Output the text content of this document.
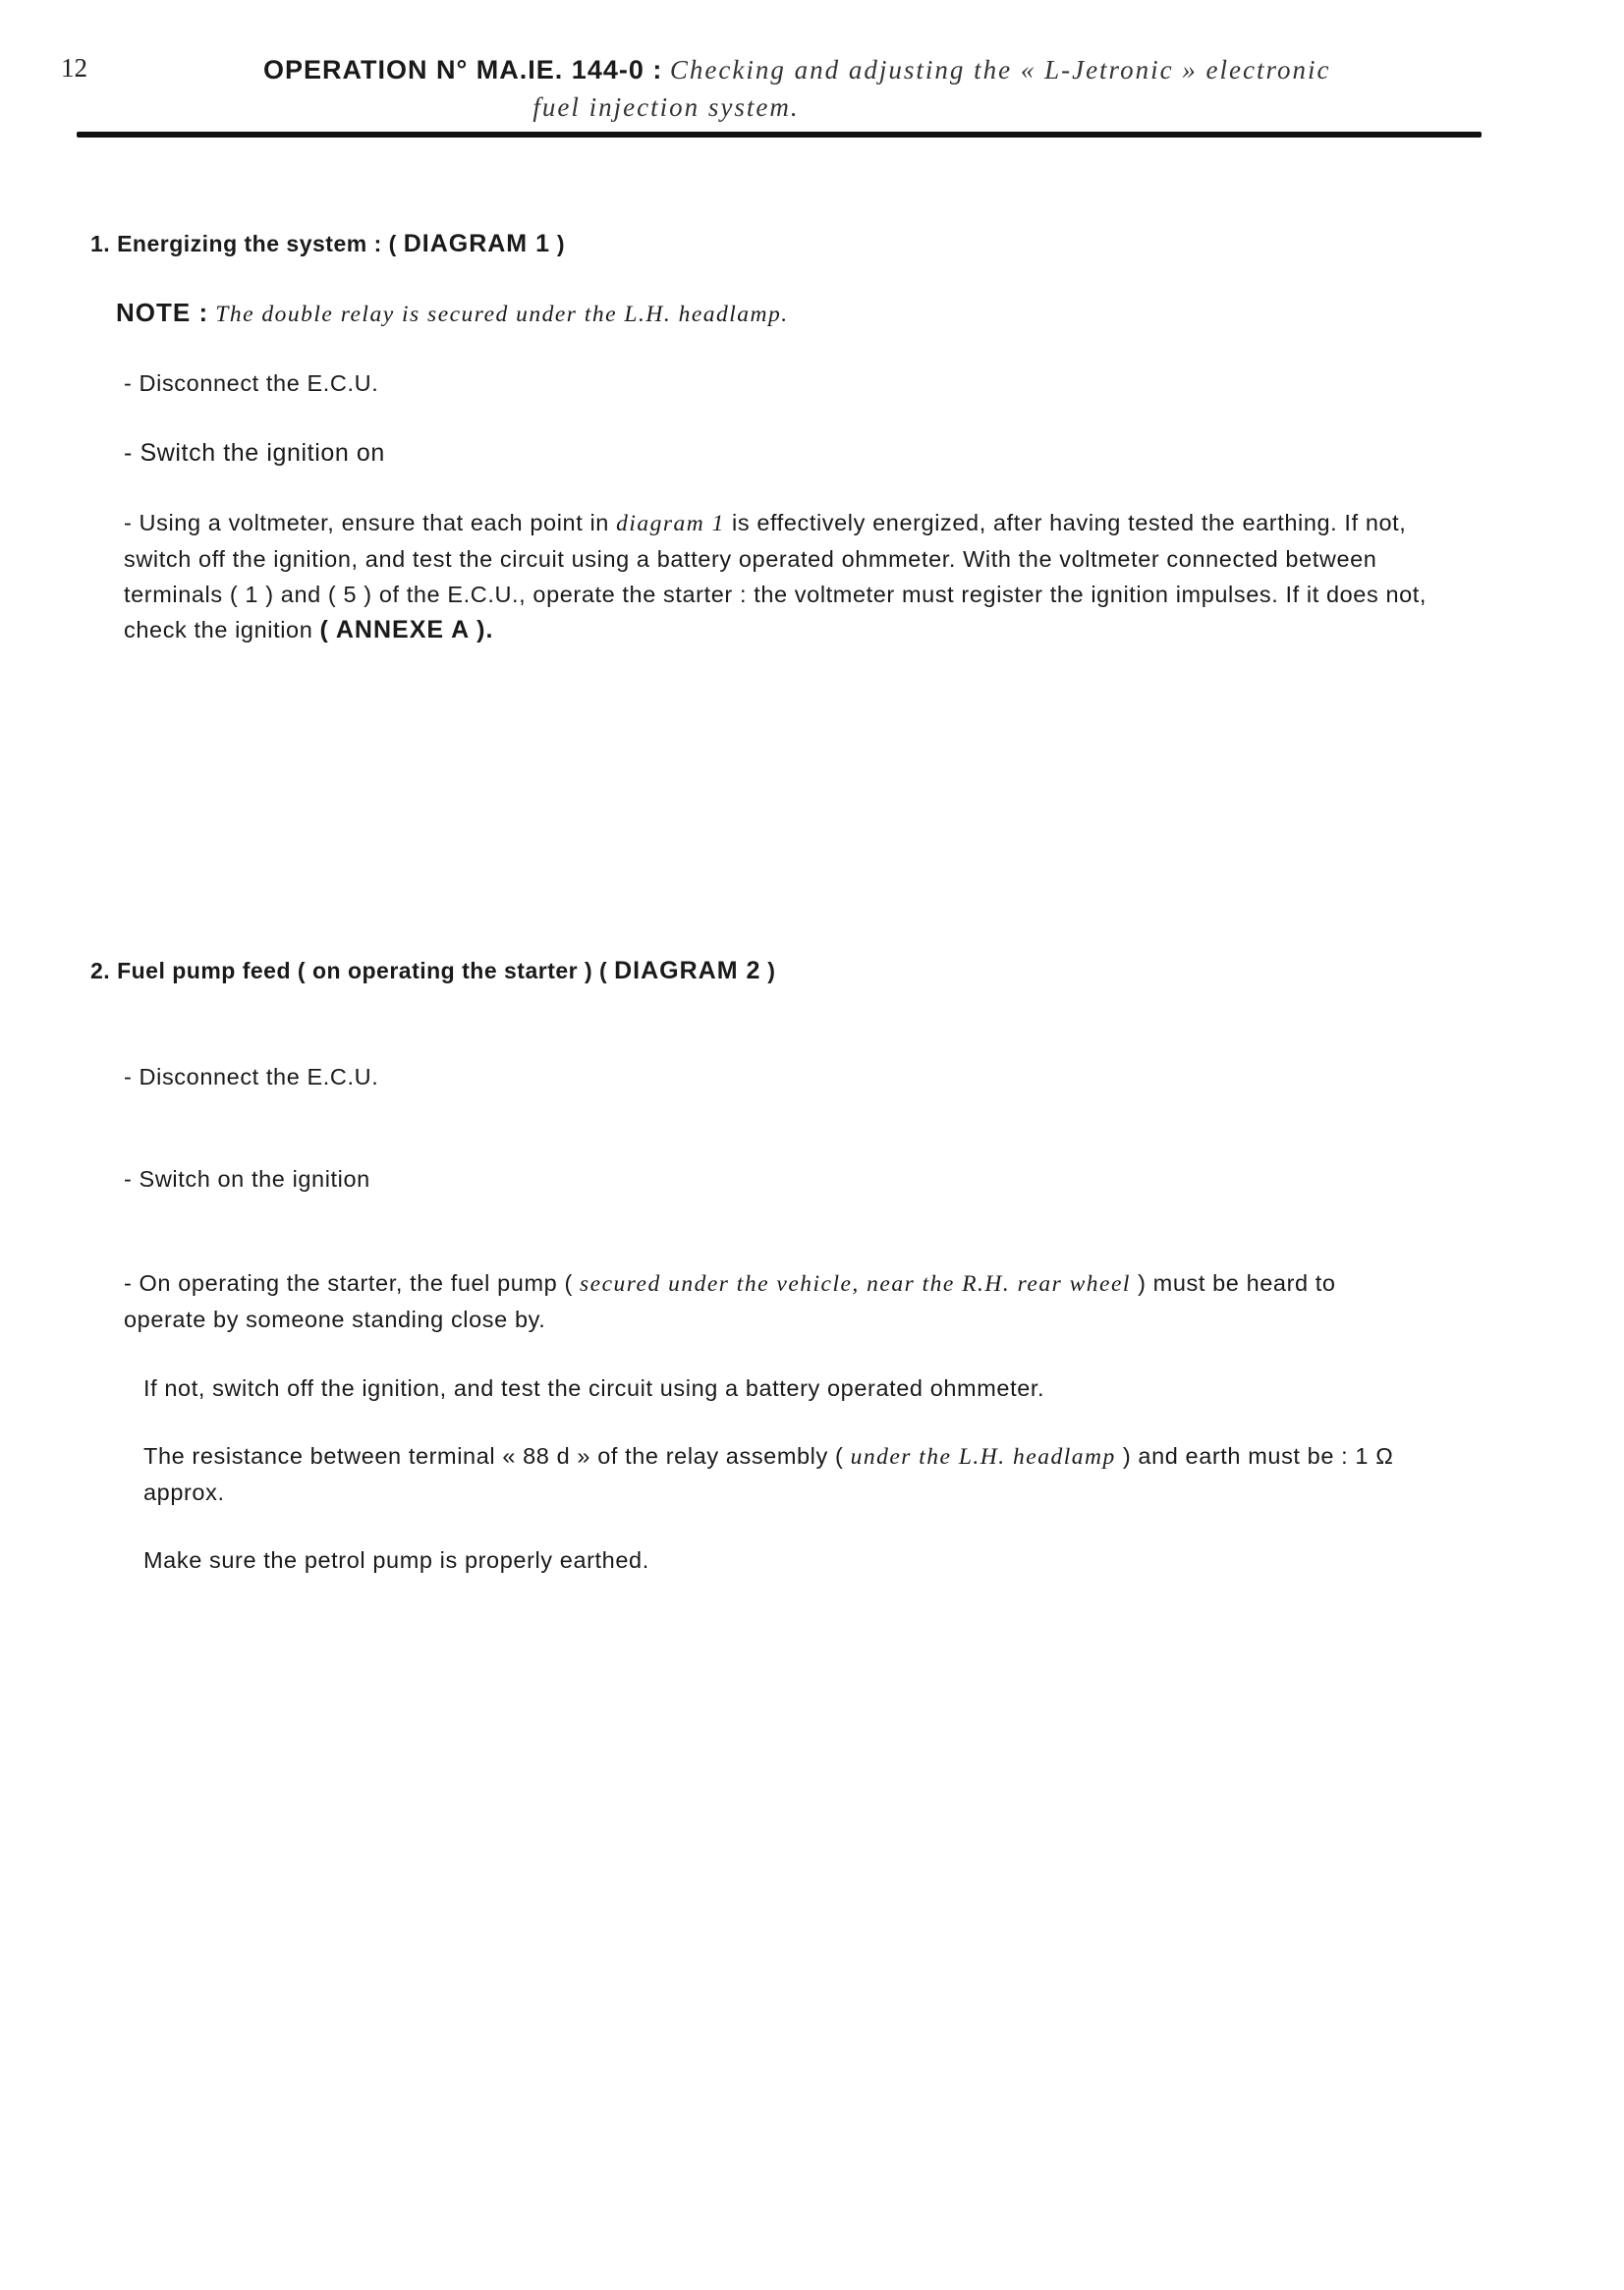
12	OPERATION N° MA.IE. 144-0 : Checking and adjusting the « L-Jetronic » electronic
fuel injection system.
1. Energizing the system : ( DIAGRAM 1 )
NOTE : The double relay is secured under the L.H. headlamp.
- Disconnect the E.C.U.
- Switch the ignition on
- Using a voltmeter, ensure that each point in diagram 1 is effectively energized, after having tested the earthing. If not, switch off the ignition, and test the circuit using a battery operated ohmmeter. With the voltmeter connected between terminals ( 1 ) and ( 5 ) of the E.C.U., operate the starter : the voltmeter must register the ignition impulses. If it does not, check the ignition ( ANNEXE A ).
2. Fuel pump feed ( on operating the starter ) ( DIAGRAM 2 )
- Disconnect the E.C.U.
- Switch on the ignition
- On operating the starter, the fuel pump ( secured under the vehicle, near the R.H. rear wheel ) must be heard to operate by someone standing close by.
If not, switch off the ignition, and test the circuit using a battery operated ohmmeter.
The resistance between terminal « 88 d » of the relay assembly ( under the L.H. headlamp ) and earth must be : 1 Ω approx.
Make sure the petrol pump is properly earthed.
